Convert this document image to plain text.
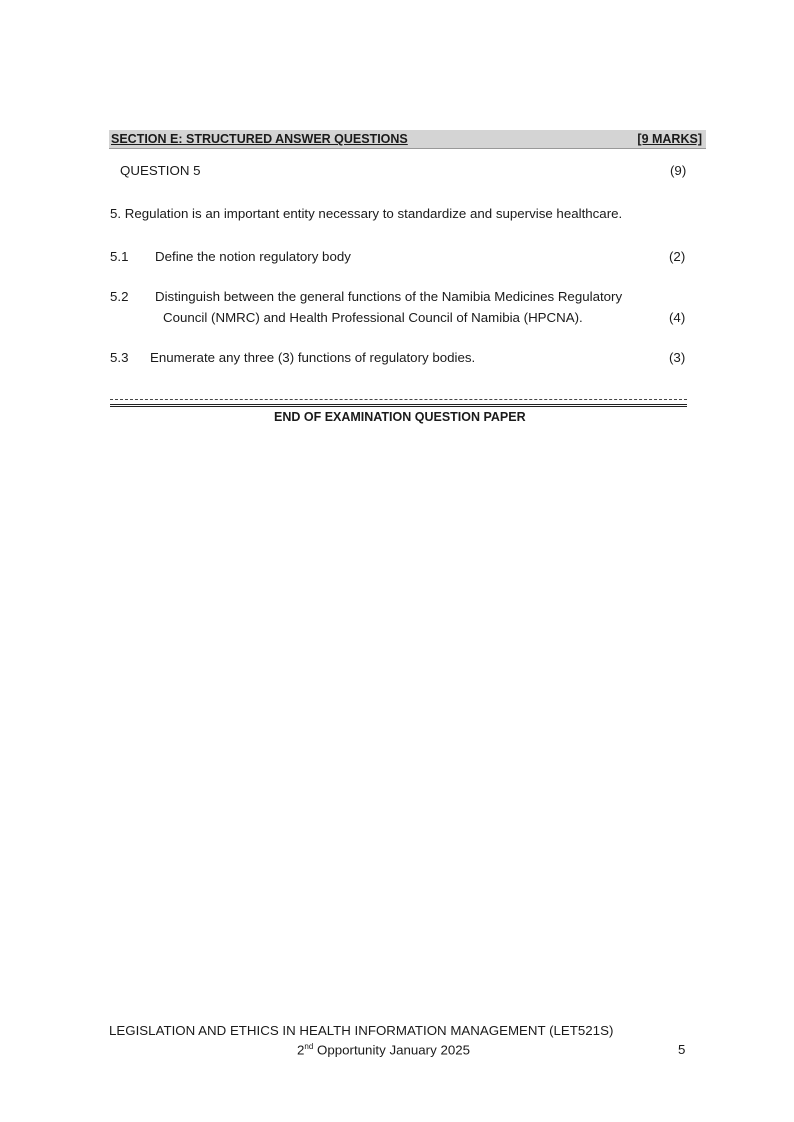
SECTION E: STRUCTURED ANSWER QUESTIONS	[9 MARKS]
QUESTION 5	(9)
5. Regulation is an important entity necessary to standardize and supervise healthcare.
5.1 Define the notion regulatory body	(2)
5.2 Distinguish between the general functions of the Namibia Medicines Regulatory
Council (NMRC) and Health Professional Council of Namibia (HPCNA).	(4)
5.3 Enumerate any three (3) functions of regulatory bodies.	(3)
END OF EXAMINATION QUESTION PAPER
LEGISLATION AND ETHICS IN HEALTH INFORMATION MANAGEMENT (LET521S)
2nd Opportunity January 2025	5
